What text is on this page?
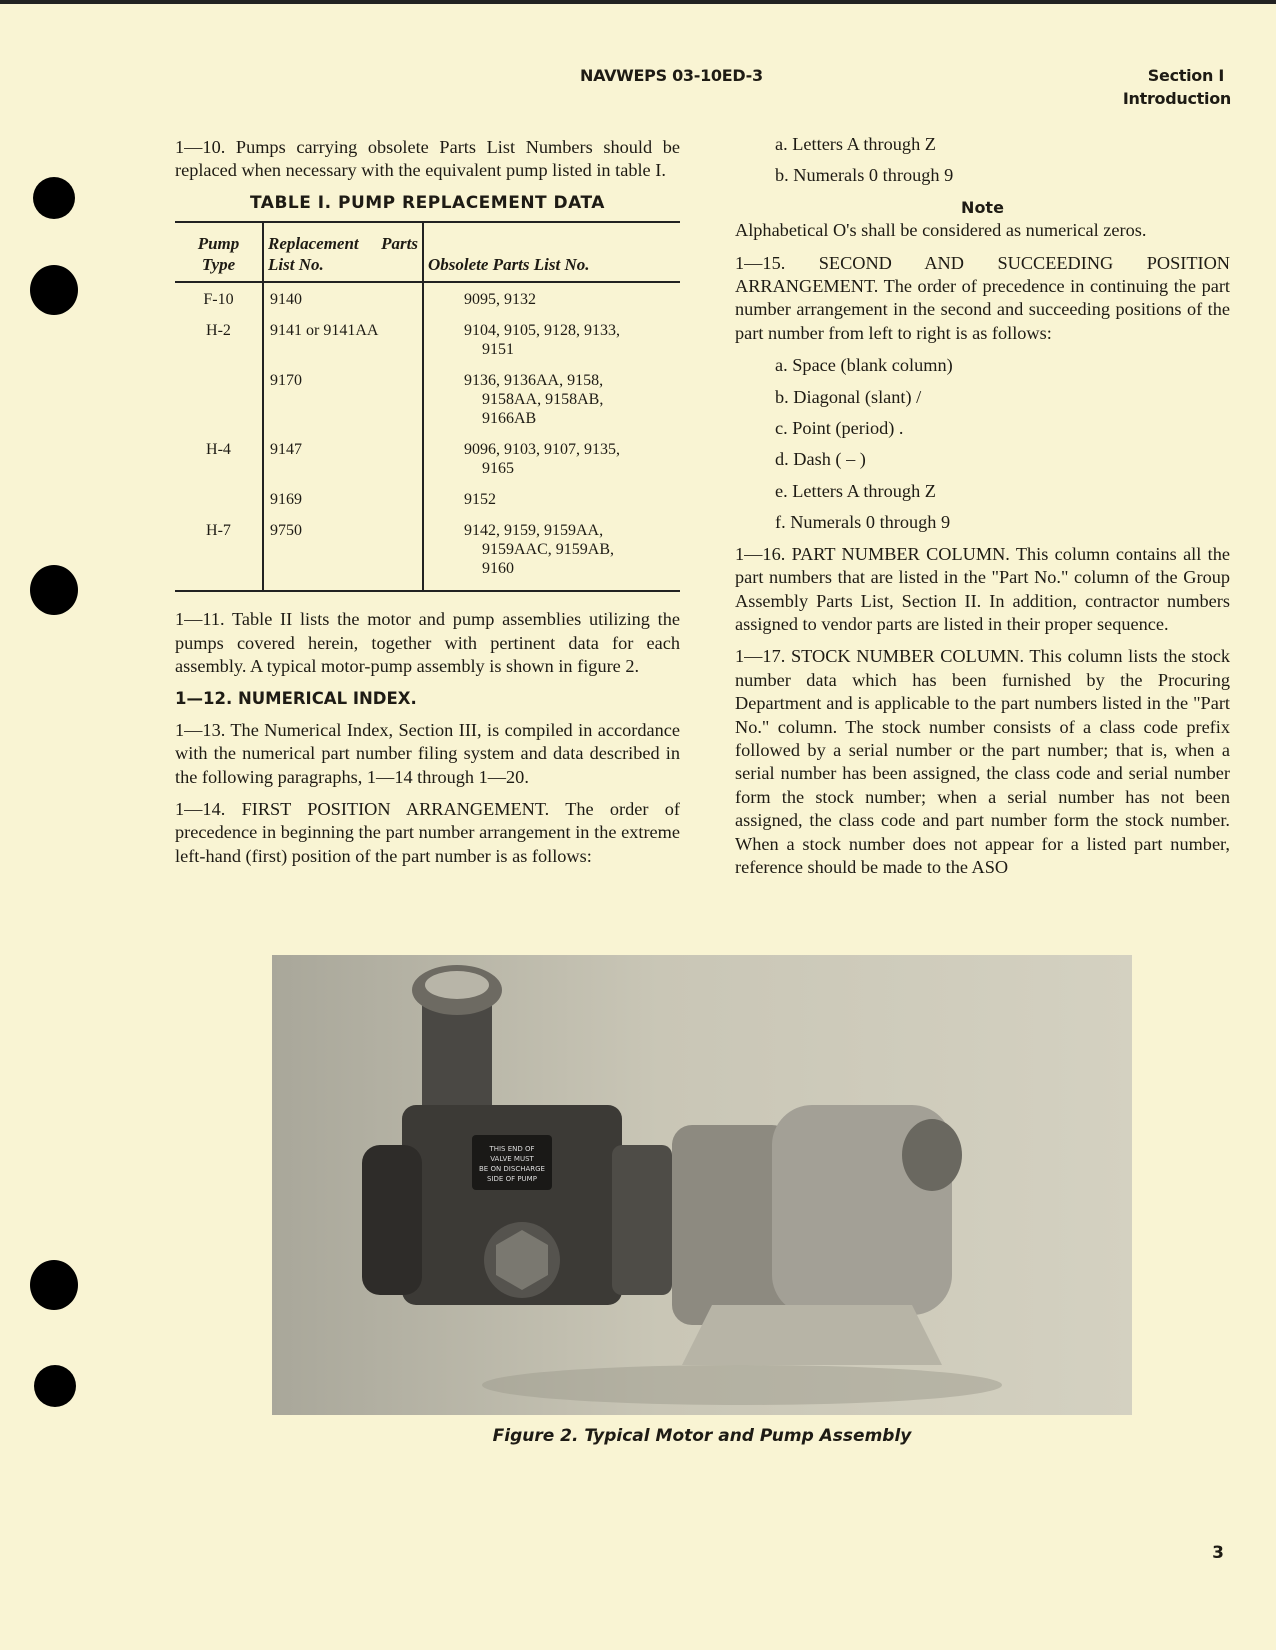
NAVWEPS 03-10ED-3	Section I
Introduction

1—10. Pumps carrying obsolete Parts List Numbers should be replaced when necessary with the equivalent pump listed in table I.

TABLE I. PUMP REPLACEMENT DATA
Pump Type	Replacement Parts List No.	Obsolete Parts List No.
F-10	9140	9095, 9132

H-2	9141 or 9141AA	9104, 9105, 9128, 9133,
9151

	9170	9136, 9136AA, 9158,
9158AA, 9158AB,
9166AB

H-4	9147	9096, 9103, 9107, 9135,
9165

	9169	9152

H-7	9750	9142, 9159, 9159AA,
9159AAC, 9159AB,
9160

1—11. Table II lists the motor and pump assemblies utilizing the pumps covered herein, together with pertinent data for each assembly. A typical motor-pump assembly is shown in figure 2.

1—12. NUMERICAL INDEX.

1—13. The Numerical Index, Section III, is compiled in accordance with the numerical part number filing system and data described in the following paragraphs, 1—14 through 1—20.

1—14. FIRST POSITION ARRANGEMENT. The order of precedence in beginning the part number arrangement in the extreme left-hand (first) position of the part number is as follows:

a. Letters A through Z
b. Numerals 0 through 9
Note

Alphabetical O's shall be considered as numerical zeros.

1—15. SECOND AND SUCCEEDING POSITION ARRANGEMENT. The order of precedence in continuing the part number arrangement in the second and succeeding positions of the part number from left to right is as follows:

a. Space (blank column)
b. Diagonal (slant) /
c. Point (period) .
d. Dash ( – )
e. Letters A through Z
f. Numerals 0 through 9

1—16. PART NUMBER COLUMN. This column contains all the part numbers that are listed in the "Part No." column of the Group Assembly Parts List, Section II. In addition, contractor numbers assigned to vendor parts are listed in their proper sequence.

1—17. STOCK NUMBER COLUMN. This column lists the stock number data which has been furnished by the Procuring Department and is applicable to the part numbers listed in the "Part No." column. The stock number consists of a class code prefix followed by a serial number or the part number; that is, when a serial number has been assigned, the class code and serial number form the stock number; when a serial number has not been assigned, the class code and part number form the stock number. When a stock number does not appear for a listed part number, reference should be made to the ASO

THIS END OF
VALVE MUST
BE ON DISCHARGE
SIDE OF PUMP
Figure 2. Typical Motor and Pump Assembly
3
